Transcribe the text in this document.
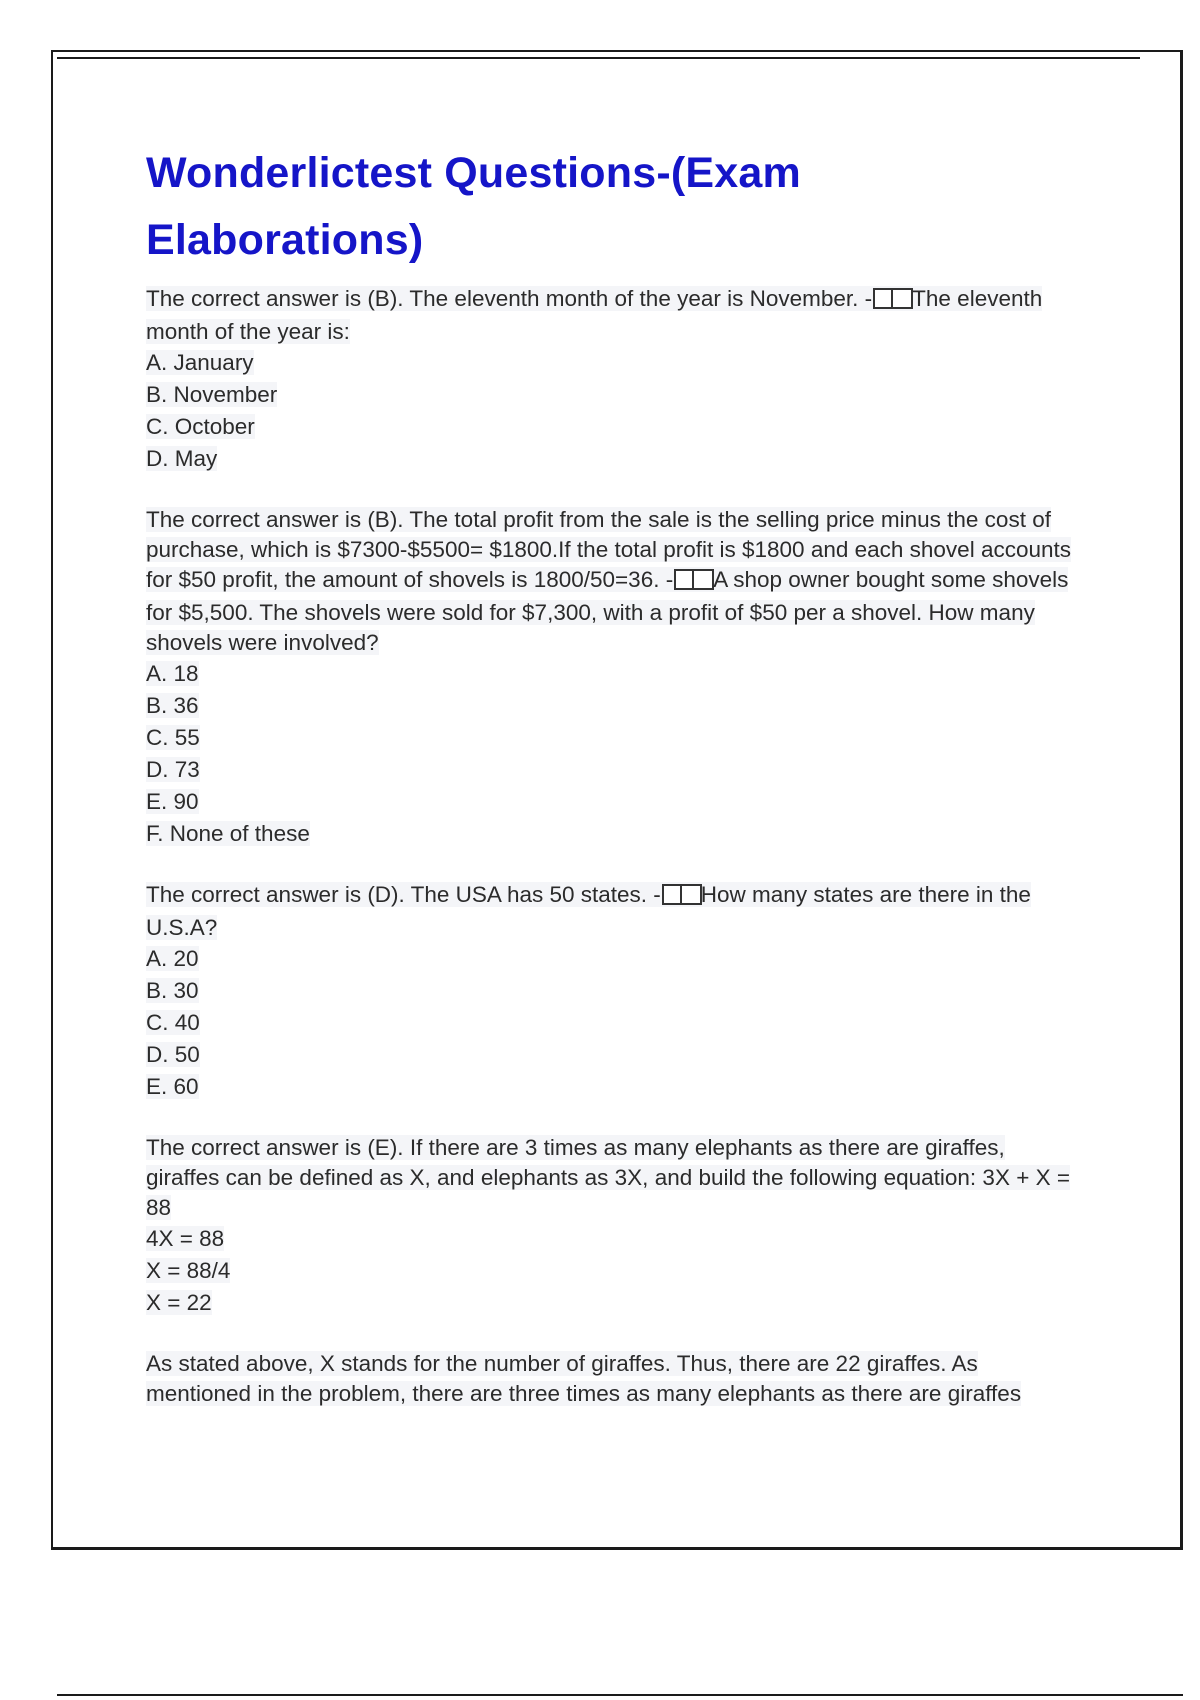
Wonderlictest Questions-(Exam Elaborations)

The correct answer is (B). The eleventh month of the year is November. - The eleventh month of the year is:

A. January
B. November
C. October
D. May

The correct answer is (B). The total profit from the sale is the selling price minus the cost of purchase, which is $7300-$5500= $1800.If the total profit is $1800 and each shovel accounts for $50 profit, the amount of shovels is 1800/50=36. - A shop owner bought some shovels for $5,500. The shovels were sold for $7,300, with a profit of $50 per a shovel. How many shovels were involved?

A. 18
B. 36
C. 55
D. 73
E. 90
F. None of these

The correct answer is (D). The USA has 50 states. - How many states are there in the U.S.A?

A. 20
B. 30
C. 40
D. 50
E. 60

The correct answer is (E). If there are 3 times as many elephants as there are giraffes, giraffes can be defined as X, and elephants as 3X, and build the following equation: 3X + X = 88

4X = 88
X = 88/4
X = 22

As stated above, X stands for the number of giraffes. Thus, there are 22 giraffes. As mentioned in the problem, there are three times as many elephants as there are giraffes
